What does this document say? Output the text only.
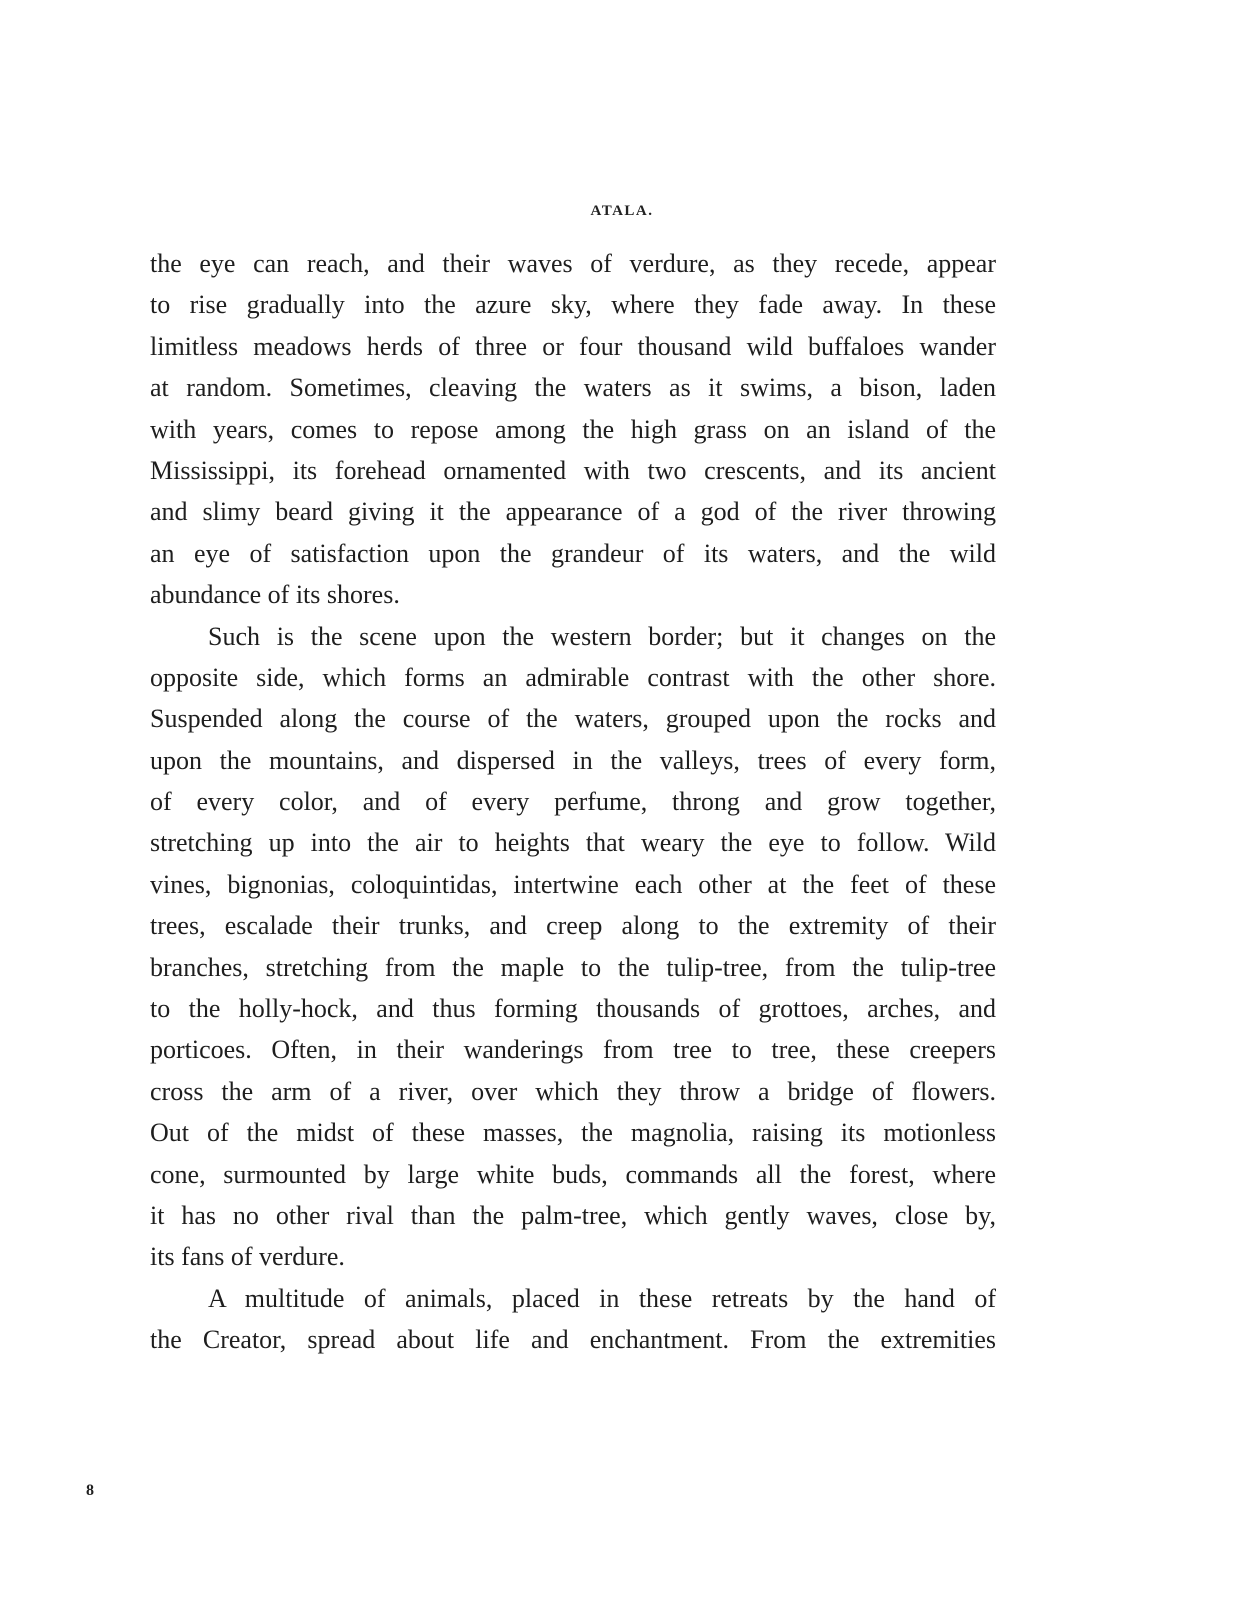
ATALA.
the eye can reach, and their waves of verdure, as they recede, appear
to rise gradually into the azure sky, where they fade away. In these
limitless meadows herds of three or four thousand wild buffaloes wander
at random. Sometimes, cleaving the waters as it swims, a bison, laden
with years, comes to repose among the high grass on an island of the
Mississippi, its forehead ornamented with two crescents, and its ancient
and slimy beard giving it the appearance of a god of the river throwing
an eye of satisfaction upon the grandeur of its waters, and the wild
abundance of its shores.
Such is the scene upon the western border; but it changes on the
opposite side, which forms an admirable contrast with the other shore.
Suspended along the course of the waters, grouped upon the rocks and
upon the mountains, and dispersed in the valleys, trees of every form,
of every color, and of every perfume, throng and grow together,
stretching up into the air to heights that weary the eye to follow. Wild
vines, bignonias, coloquintidas, intertwine each other at the feet of these
trees, escalade their trunks, and creep along to the extremity of their
branches, stretching from the maple to the tulip-tree, from the tulip-tree
to the holly-hock, and thus forming thousands of grottoes, arches, and
porticoes. Often, in their wanderings from tree to tree, these creepers
cross the arm of a river, over which they throw a bridge of flowers.
Out of the midst of these masses, the magnolia, raising its motionless
cone, surmounted by large white buds, commands all the forest, where
it has no other rival than the palm-tree, which gently waves, close by,
its fans of verdure.
A multitude of animals, placed in these retreats by the hand of
the Creator, spread about life and enchantment. From the extremities
8
